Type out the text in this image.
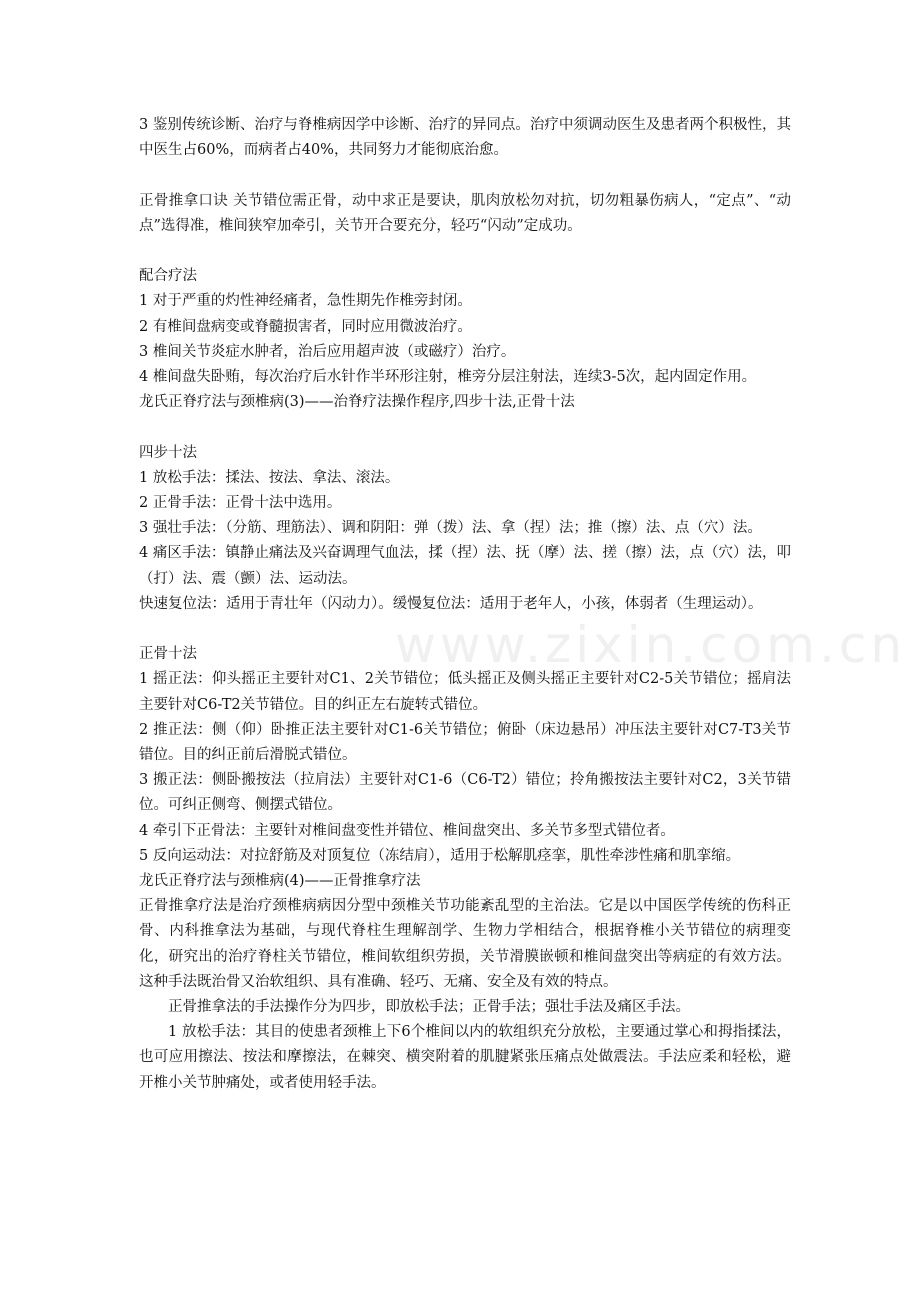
www.zixin.com.cn

3 鉴别传统诊断、治疗与脊椎病因学中诊断、治疗的异同点。治疗中须调动医生及患者两个积极性，其中医生占60%，而病者占40%，共同努力才能彻底治愈。

正骨推拿口诀 关节错位需正骨，动中求正是要诀，肌肉放松勿对抗，切勿粗暴伤病人，“定点”、“动点”选得准，椎间狭窄加牵引，关节开合要充分，轻巧“闪动”定成功。

配合疗法

1 对于严重的灼性神经痛者，急性期先作椎旁封闭。

2 有椎间盘病变或脊髓损害者，同时应用微波治疗。

3 椎间关节炎症水肿者，治后应用超声波（或磁疗）治疗。

4 椎间盘失卧贿，每次治疗后水针作半环形注射，椎旁分层注射法，连续3-5次，起内固定作用。

龙氏正脊疗法与颈椎病(3)——治脊疗法操作程序,四步十法,正骨十法

四步十法

1 放松手法：揉法、按法、拿法、滚法。

2 正骨手法：正骨十法中选用。

3 强壮手法：（分筋、理筋法）、调和阴阳：弹（拨）法、拿（捏）法；推（擦）法、点（穴）法。

4 痛区手法：镇静止痛法及兴奋调理气血法，揉（捏）法、抚（摩）法、搓（擦）法，点（穴）法，叩（打）法、震（颤）法、运动法。

快速复位法：适用于青壮年（闪动力）。缓慢复位法：适用于老年人，小孩，体弱者（生理运动）。

正骨十法

1 摇正法：仰头摇正主要针对C1、2关节错位；低头摇正及侧头摇正主要针对C2-5关节错位；摇肩法主要针对C6-T2关节错位。目的纠正左右旋转式错位。

2 推正法：侧（仰）卧推正法主要针对C1-6关节错位；俯卧（床边悬吊）冲压法主要针对C7-T3关节错位。目的纠正前后滑脱式错位。

3 搬正法：侧卧搬按法（拉肩法）主要针对C1-6（C6-T2）错位；拎角搬按法主要针对C2，3关节错位。可纠正侧弯、侧摆式错位。

4 牵引下正骨法：主要针对椎间盘变性并错位、椎间盘突出、多关节多型式错位者。

5 反向运动法：对拉舒筋及对顶复位（冻结肩），适用于松解肌痉挛，肌性牵涉性痛和肌挛缩。

龙氏正脊疗法与颈椎病(4)——正骨推拿疗法

正骨推拿疗法是治疗颈椎病病因分型中颈椎关节功能紊乱型的主治法。它是以中国医学传统的伤科正骨、内科推拿法为基础，与现代脊柱生理解剖学、生物力学相结合，根据脊椎小关节错位的病理变化，研究出的治疗脊柱关节错位，椎间软组织劳损，关节滑膜嵌顿和椎间盘突出等病症的有效方法。这种手法既治骨又治软组织、具有准确、轻巧、无痛、安全及有效的特点。

正骨推拿法的手法操作分为四步，即放松手法；正骨手法；强壮手法及痛区手法。

1 放松手法：其目的使患者颈椎上下6个椎间以内的软组织充分放松，主要通过掌心和拇指揉法，也可应用擦法、按法和摩擦法，在棘突、横突附着的肌腱紧张压痛点处做震法。手法应柔和轻松，避开椎小关节肿痛处，或者使用轻手法。
